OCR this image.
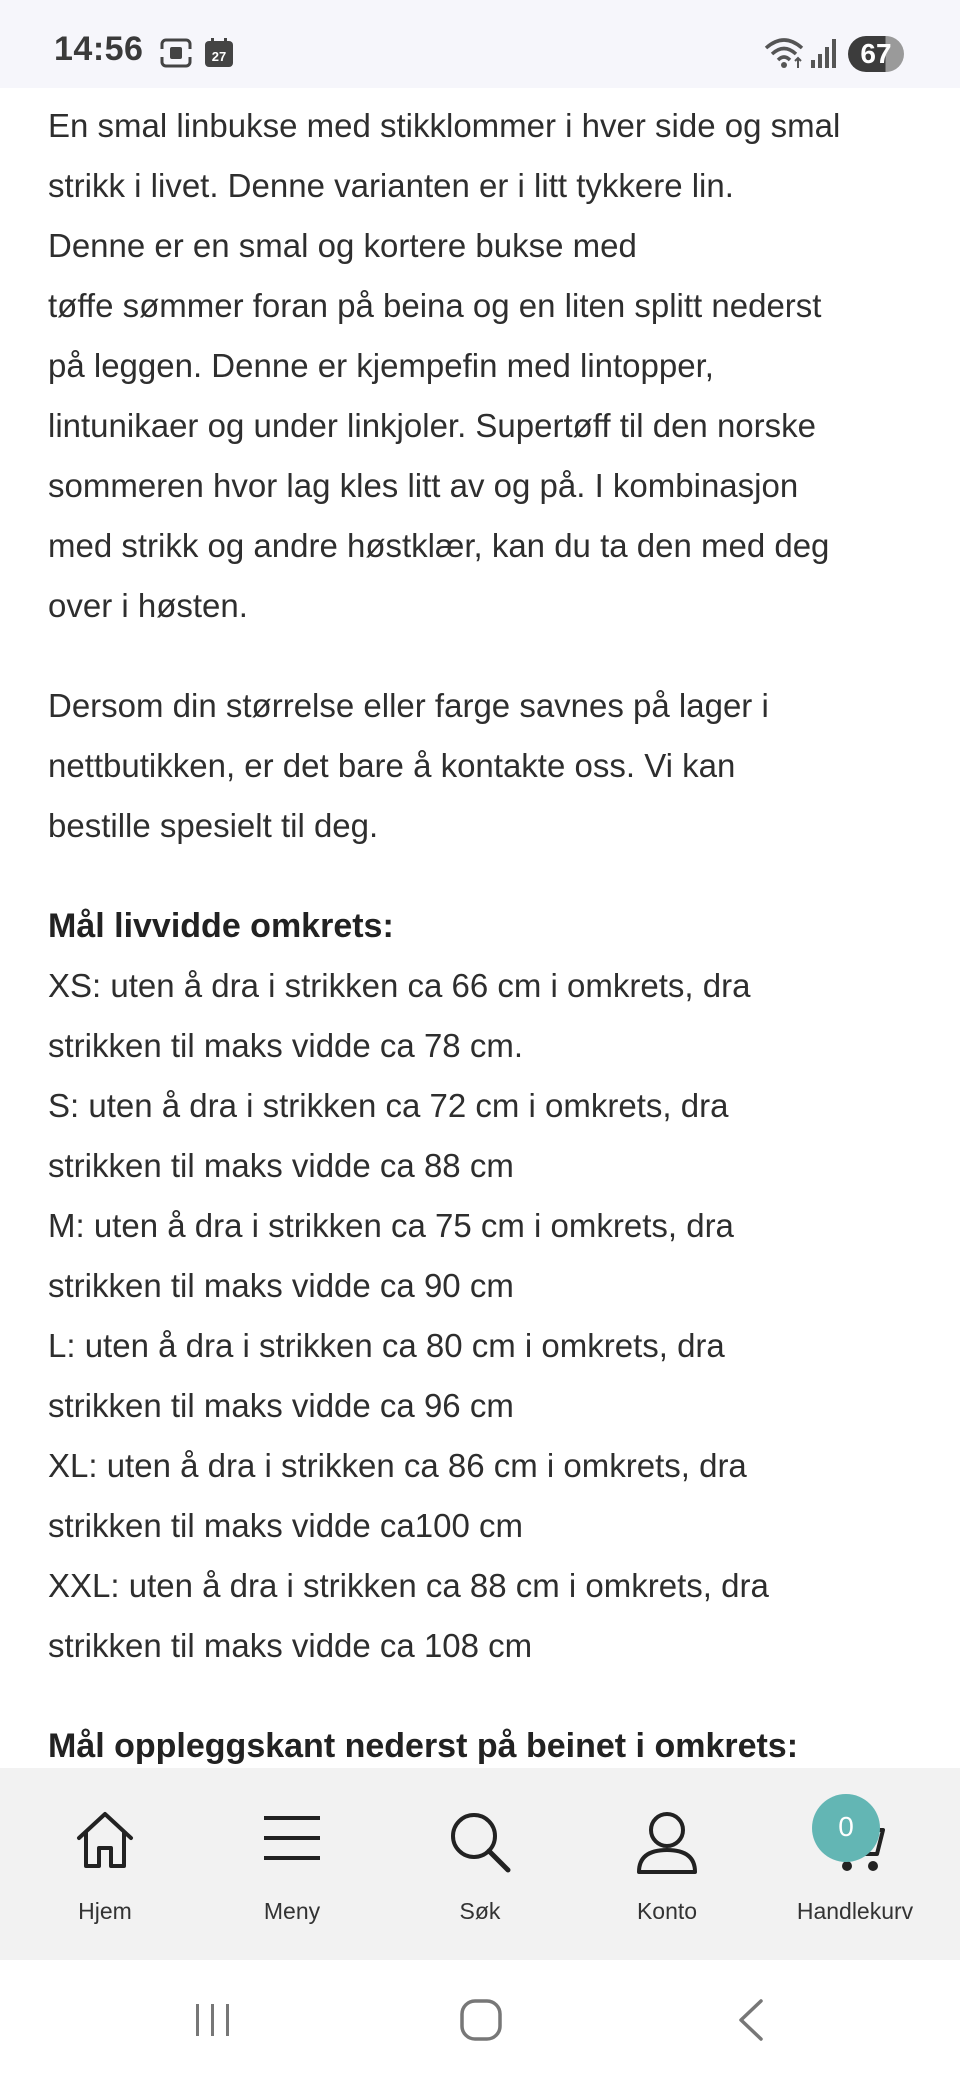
14:56	27	67

En smal linbukse med stikklommer i hver side og smal

strikk i livet. Denne varianten er i litt tykkere lin.

Denne er en smal og kortere bukse med

tøffe sømmer foran på beina og en liten splitt nederst

på leggen. Denne er kjempefin med lintopper,

lintunikaer og under linkjoler. Supertøff til den norske

sommeren hvor lag kles litt av og på. I kombinasjon

med strikk og andre høstklær, kan du ta den med deg

over i høsten.

Dersom din størrelse eller farge savnes på lager i

nettbutikken, er det bare å kontakte oss. Vi kan

bestille spesielt til deg.

Mål livvidde omkrets:

XS: uten å dra i strikken ca 66 cm i omkrets, dra

strikken til maks vidde ca 78 cm.

S: uten å dra i strikken ca 72 cm i omkrets, dra

strikken til maks vidde ca 88 cm

M: uten å dra i strikken ca 75 cm i omkrets, dra

strikken til maks vidde ca 90 cm

L: uten å dra i strikken ca 80 cm i omkrets, dra

strikken til maks vidde ca 96 cm

XL: uten å dra i strikken ca 86 cm i omkrets, dra

strikken til maks vidde ca100 cm

XXL: uten å dra i strikken ca 88 cm i omkrets, dra

strikken til maks vidde ca 108 cm

Mål oppleggskant nederst på beinet i omkrets:

Hjem	Meny	Søk	Konto	Handlekurv
0
